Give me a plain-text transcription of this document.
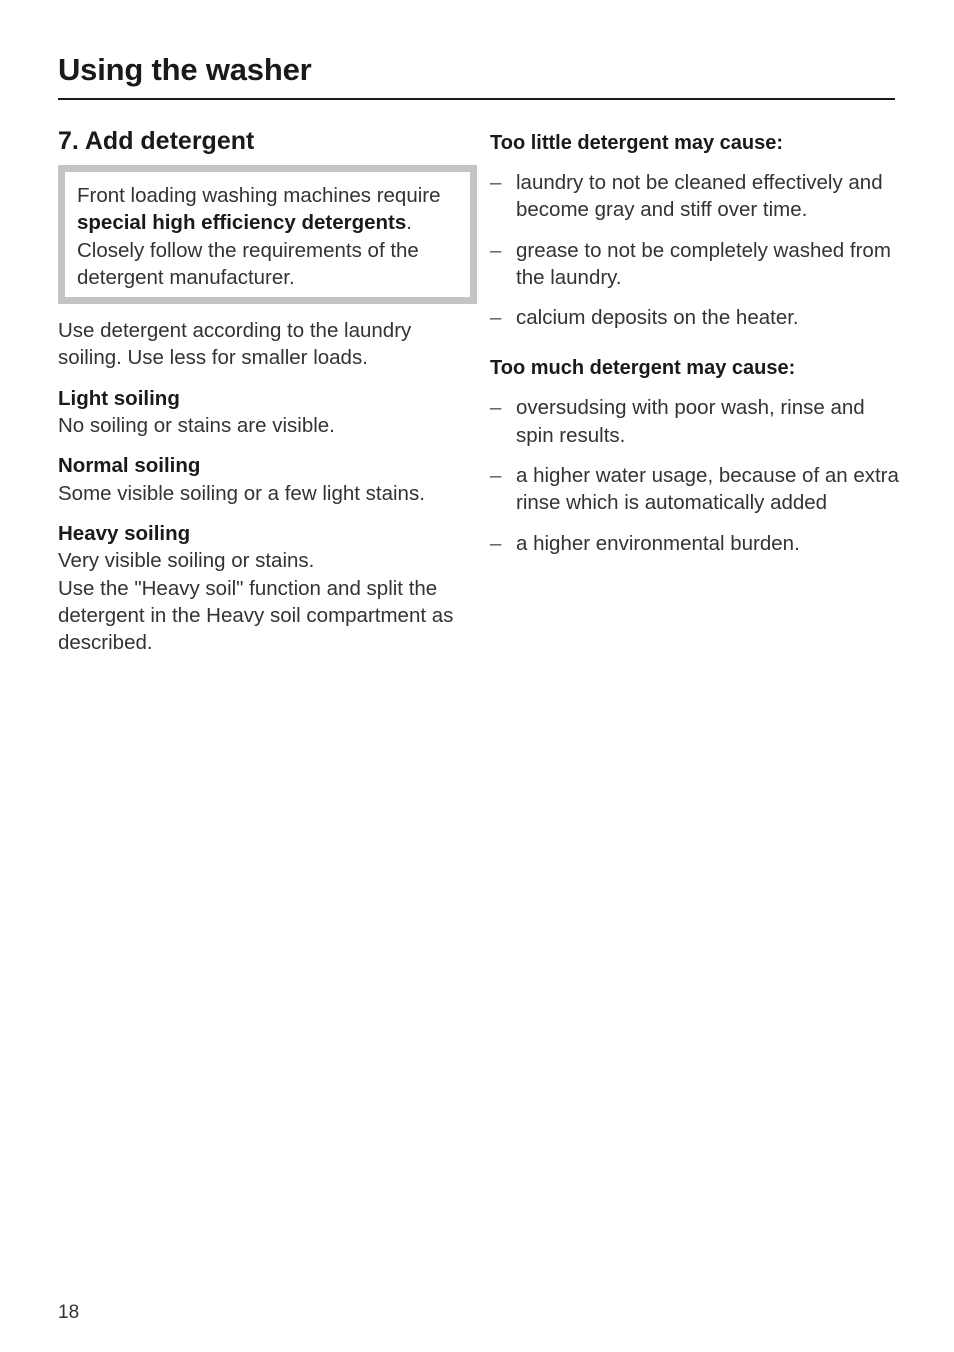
Using the washer
7. Add detergent
Front loading washing machines require special high efficiency detergents. Closely follow the requirements of the detergent manufacturer.

Use detergent according to the laundry soiling. Use less for smaller loads.

Light soiling

No soiling or stains are visible.

Normal soiling

Some visible soiling or a few light stains.

Heavy soiling

Very visible soiling or stains.

Use the "Heavy soil" function and split the detergent in the Heavy soil compartment as described.

Too little detergent may cause:

– laundry to not be cleaned effectively and become gray and stiff over time.
– grease to not be completely washed from the laundry.
– calcium deposits on the heater.

Too much detergent may cause:

– oversudsing with poor wash, rinse and spin results.
– a higher water usage, because of an extra rinse which is automatically added
– a higher environmental burden.
18
